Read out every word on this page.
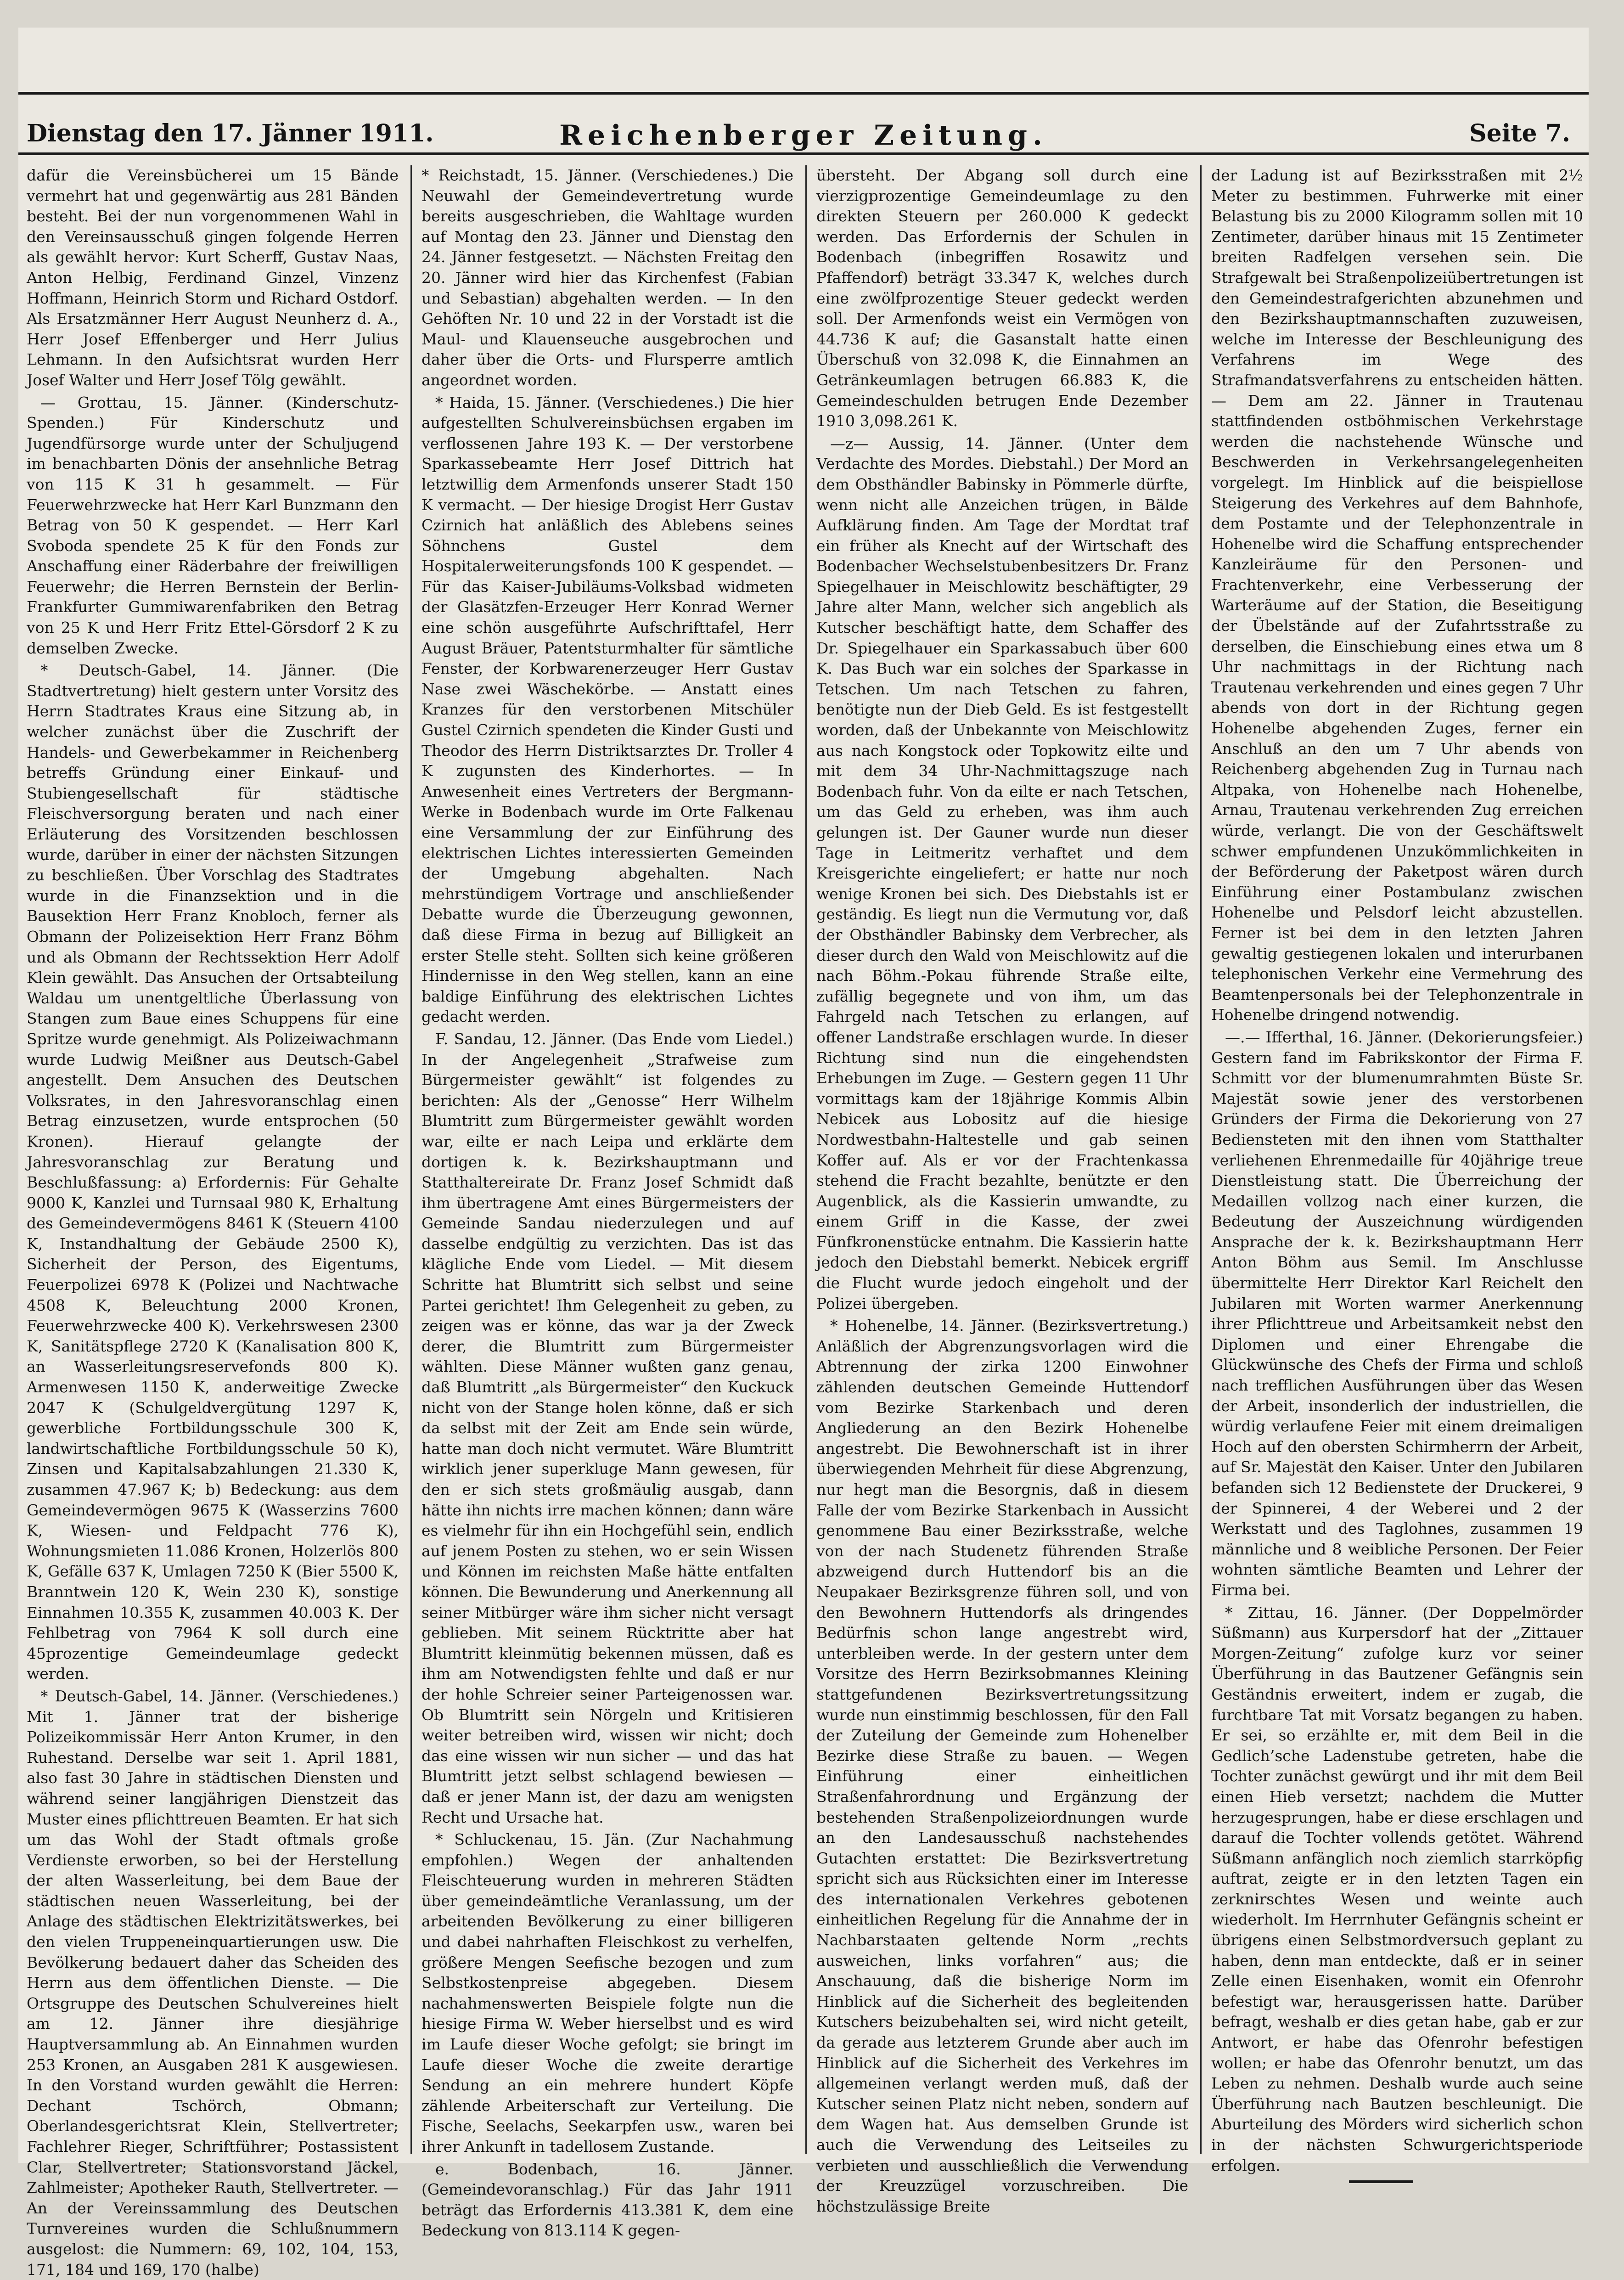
Dienstag den 17. Jänner 1911.	Reichenberger Zeitung.	Seite 7.

dafür die Vereinsbücherei um 15 Bände vermehrt hat und gegenwärtig aus 281 Bänden besteht. Bei der nun vorgenommenen Wahl in den Vereinsausschuß gingen folgende Herren als gewählt hervor: Kurt Scherff, Gustav Naas, Anton Helbig, Ferdinand Ginzel, Vinzenz Hoffmann, Heinrich Storm und Richard Ostdorf. Als Ersatzmänner Herr August Neunherz d. A., Herr Josef Effenberger und Herr Julius Lehmann. In den Aufsichtsrat wurden Herr Josef Walter und Herr Josef Tölg gewählt.

— Grottau, 15. Jänner. (Kinderschutz-Spenden.) Für Kinderschutz und Jugendfürsorge wurde unter der Schuljugend im benachbarten Dönis der ansehnliche Betrag von 115 K 31 h gesammelt. — Für Feuerwehrzwecke hat Herr Karl Bunzmann den Betrag von 50 K gespendet. — Herr Karl Svoboda spendete 25 K für den Fonds zur Anschaffung einer Räderbahre der freiwilligen Feuerwehr; die Herren Bernstein der Berlin-Frankfurter Gummiwarenfabriken den Betrag von 25 K und Herr Fritz Ettel-Görsdorf 2 K zu demselben Zwecke.

* Deutsch-Gabel, 14. Jänner. (Die Stadtvertretung) hielt gestern unter Vorsitz des Herrn Stadtrates Kraus eine Sitzung ab, in welcher zunächst über die Zuschrift der Handels- und Gewerbekammer in Reichenberg betreffs Gründung einer Einkauf- und Stubiengesellschaft für städtische Fleischversorgung beraten und nach einer Erläuterung des Vorsitzenden beschlossen wurde, darüber in einer der nächsten Sitzungen zu beschließen. Über Vorschlag des Stadtrates wurde in die Finanzsektion und in die Bausektion Herr Franz Knobloch, ferner als Obmann der Polizeisektion Herr Franz Böhm und als Obmann der Rechtssektion Herr Adolf Klein gewählt. Das Ansuchen der Ortsabteilung Waldau um unentgeltliche Überlassung von Stangen zum Baue eines Schuppens für eine Spritze wurde genehmigt. Als Polizeiwachmann wurde Ludwig Meißner aus Deutsch-Gabel angestellt. Dem Ansuchen des Deutschen Volksrates, in den Jahresvoranschlag einen Betrag einzusetzen, wurde entsprochen (50 Kronen). Hierauf gelangte der Jahresvoranschlag zur Beratung und Beschlußfassung: a) Erfordernis: Für Gehalte 9000 K, Kanzlei und Turnsaal 980 K, Erhaltung des Gemeindevermögens 8461 K (Steuern 4100 K, Instandhaltung der Gebäude 2500 K), Sicherheit der Person, des Eigentums, Feuerpolizei 6978 K (Polizei und Nachtwache 4508 K, Beleuchtung 2000 Kronen, Feuerwehrzwecke 400 K). Verkehrswesen 2300 K, Sanitätspflege 2720 K (Kanalisation 800 K, an Wasserleitungsreservefonds 800 K). Armenwesen 1150 K, anderweitige Zwecke 2047 K (Schulgeldvergütung 1297 K, gewerbliche Fortbildungsschule 300 K, landwirtschaftliche Fortbildungsschule 50 K), Zinsen und Kapitalsabzahlungen 21.330 K, zusammen 47.967 K; b) Bedeckung: aus dem Gemeindevermögen 9675 K (Wasserzins 7600 K, Wiesen- und Feldpacht 776 K), Wohnungsmieten 11.086 Kronen, Holzerlös 800 K, Gefälle 637 K, Umlagen 7250 K (Bier 5500 K, Branntwein 120 K, Wein 230 K), sonstige Einnahmen 10.355 K, zusammen 40.003 K. Der Fehlbetrag von 7964 K soll durch eine 45prozentige Gemeindeumlage gedeckt werden.

* Deutsch-Gabel, 14. Jänner. (Verschiedenes.) Mit 1. Jänner trat der bisherige Polizeikommissär Herr Anton Krumer, in den Ruhestand. Derselbe war seit 1. April 1881, also fast 30 Jahre in städtischen Diensten und während seiner langjährigen Dienstzeit das Muster eines pflichttreuen Beamten. Er hat sich um das Wohl der Stadt oftmals große Verdienste erworben, so bei der Herstellung der alten Wasserleitung, bei dem Baue der städtischen neuen Wasserleitung, bei der Anlage des städtischen Elektrizitätswerkes, bei den vielen Truppeneinquartierungen usw. Die Bevölkerung bedauert daher das Scheiden des Herrn aus dem öffentlichen Dienste. — Die Ortsgruppe des Deutschen Schulvereines hielt am 12. Jänner ihre diesjährige Hauptversammlung ab. An Einnahmen wurden 253 Kronen, an Ausgaben 281 K ausgewiesen. In den Vorstand wurden gewählt die Herren: Dechant Tschörch, Obmann; Oberlandesgerichtsrat Klein, Stellvertreter; Fachlehrer Rieger, Schriftführer; Postassistent Clar, Stellvertreter; Stationsvorstand Jäckel, Zahlmeister; Apotheker Rauth, Stellvertreter. — An der Vereinssammlung des Deutschen Turnvereines wurden die Schlußnummern ausgelost: die Nummern: 69, 102, 104, 153, 171, 184 und 169, 170 (halbe)

* Reichstadt, 15. Jänner. (Verschiedenes.) Die Neuwahl der Gemeindevertretung wurde bereits ausgeschrieben, die Wahltage wurden auf Montag den 23. Jänner und Dienstag den 24. Jänner festgesetzt. — Nächsten Freitag den 20. Jänner wird hier das Kirchenfest (Fabian und Sebastian) abgehalten werden. — In den Gehöften Nr. 10 und 22 in der Vorstadt ist die Maul- und Klauenseuche ausgebrochen und daher über die Orts- und Flursperre amtlich angeordnet worden.

* Haida, 15. Jänner. (Verschiedenes.) Die hier aufgestellten Schulvereinsbüchsen ergaben im verflossenen Jahre 193 K. — Der verstorbene Sparkassebeamte Herr Josef Dittrich hat letztwillig dem Armenfonds unserer Stadt 150 K vermacht. — Der hiesige Drogist Herr Gustav Czirnich hat anläßlich des Ablebens seines Söhnchens Gustel dem Hospitalerweiterungsfonds 100 K gespendet. — Für das Kaiser-Jubiläums-Volksbad widmeten der Glasätzfen-Erzeuger Herr Konrad Werner eine schön ausgeführte Aufschrifttafel, Herr August Bräuer, Patentsturmhalter für sämtliche Fenster, der Korbwarenerzeuger Herr Gustav Nase zwei Wäschekörbe. — Anstatt eines Kranzes für den verstorbenen Mitschüler Gustel Czirnich spendeten die Kinder Gusti und Theodor des Herrn Distriktsarztes Dr. Troller 4 K zugunsten des Kinderhortes. — In Anwesenheit eines Vertreters der Bergmann-Werke in Bodenbach wurde im Orte Falkenau eine Versammlung der zur Einführung des elektrischen Lichtes interessierten Gemeinden der Umgebung abgehalten. Nach mehrstündigem Vortrage und anschließender Debatte wurde die Überzeugung gewonnen, daß diese Firma in bezug auf Billigkeit an erster Stelle steht. Sollten sich keine größeren Hindernisse in den Weg stellen, kann an eine baldige Einführung des elektrischen Lichtes gedacht werden.

F. Sandau, 12. Jänner. (Das Ende vom Liedel.) In der Angelegenheit „Strafweise zum Bürgermeister gewählt“ ist folgendes zu berichten: Als der „Genosse“ Herr Wilhelm Blumtritt zum Bürgermeister gewählt worden war, eilte er nach Leipa und erklärte dem dortigen k. k. Bezirkshauptmann und Statthaltereirate Dr. Franz Josef Schmidt daß ihm übertragene Amt eines Bürgermeisters der Gemeinde Sandau niederzulegen und auf dasselbe endgültig zu verzichten. Das ist das klägliche Ende vom Liedel. — Mit diesem Schritte hat Blumtritt sich selbst und seine Partei gerichtet! Ihm Gelegenheit zu geben, zu zeigen was er könne, das war ja der Zweck derer, die Blumtritt zum Bürgermeister wählten. Diese Männer wußten ganz genau, daß Blumtritt „als Bürgermeister“ den Kuckuck nicht von der Stange holen könne, daß er sich da selbst mit der Zeit am Ende sein würde, hatte man doch nicht vermutet. Wäre Blumtritt wirklich jener superkluge Mann gewesen, für den er sich stets großmäulig ausgab, dann hätte ihn nichts irre machen können; dann wäre es vielmehr für ihn ein Hochgefühl sein, endlich auf jenem Posten zu stehen, wo er sein Wissen und Können im reichsten Maße hätte entfalten können. Die Bewunderung und Anerkennung all seiner Mitbürger wäre ihm sicher nicht versagt geblieben. Mit seinem Rücktritte aber hat Blumtritt kleinmütig bekennen müssen, daß es ihm am Notwendigsten fehlte und daß er nur der hohle Schreier seiner Parteigenossen war. Ob Blumtritt sein Nörgeln und Kritisieren weiter betreiben wird, wissen wir nicht; doch das eine wissen wir nun sicher — und das hat Blumtritt jetzt selbst schlagend bewiesen — daß er jener Mann ist, der dazu am wenigsten Recht und Ursache hat.

* Schluckenau, 15. Jän. (Zur Nachahmung empfohlen.) Wegen der anhaltenden Fleischteuerung wurden in mehreren Städten über gemeindeämtliche Veranlassung, um der arbeitenden Bevölkerung zu einer billigeren und dabei nahrhaften Fleischkost zu verhelfen, größere Mengen Seefische bezogen und zum Selbstkostenpreise abgegeben. Diesem nachahmenswerten Beispiele folgte nun die hiesige Firma W. Weber hierselbst und es wird im Laufe dieser Woche gefolgt; sie bringt im Laufe dieser Woche die zweite derartige Sendung an ein mehrere hundert Köpfe zählende Arbeiterschaft zur Verteilung. Die Fische, Seelachs, Seekarpfen usw., waren bei ihrer Ankunft in tadellosem Zustande.

e. Bodenbach, 16. Jänner. (Gemeindevoranschlag.) Für das Jahr 1911 beträgt das Erfordernis 413.381 K, dem eine Bedeckung von 813.114 K gegen-

übersteht. Der Abgang soll durch eine vierzigprozentige Gemeindeumlage zu den direkten Steuern per 260.000 K gedeckt werden. Das Erfordernis der Schulen in Bodenbach (inbegriffen Rosawitz und Pfaffendorf) beträgt 33.347 K, welches durch eine zwölfprozentige Steuer gedeckt werden soll. Der Armenfonds weist ein Vermögen von 44.736 K auf; die Gasanstalt hatte einen Überschuß von 32.098 K, die Einnahmen an Getränkeumlagen betrugen 66.883 K, die Gemeindeschulden betrugen Ende Dezember 1910 3,098.261 K.

—z— Aussig, 14. Jänner. (Unter dem Verdachte des Mordes. Diebstahl.) Der Mord an dem Obsthändler Babinsky in Pömmerle dürfte, wenn nicht alle Anzeichen trügen, in Bälde Aufklärung finden. Am Tage der Mordtat traf ein früher als Knecht auf der Wirtschaft des Bodenbacher Wechselstubenbesitzers Dr. Franz Spiegelhauer in Meischlowitz beschäftigter, 29 Jahre alter Mann, welcher sich angeblich als Kutscher beschäftigt hatte, dem Schaffer des Dr. Spiegelhauer ein Sparkassabuch über 600 K. Das Buch war ein solches der Sparkasse in Tetschen. Um nach Tetschen zu fahren, benötigte nun der Dieb Geld. Es ist festgestellt worden, daß der Unbekannte von Meischlowitz aus nach Kongstock oder Topkowitz eilte und mit dem 34 Uhr-Nachmittagszuge nach Bodenbach fuhr. Von da eilte er nach Tetschen, um das Geld zu erheben, was ihm auch gelungen ist. Der Gauner wurde nun dieser Tage in Leitmeritz verhaftet und dem Kreisgerichte eingeliefert; er hatte nur noch wenige Kronen bei sich. Des Diebstahls ist er geständig. Es liegt nun die Vermutung vor, daß der Obsthändler Babinsky dem Verbrecher, als dieser durch den Wald von Meischlowitz auf die nach Böhm.-Pokau führende Straße eilte, zufällig begegnete und von ihm, um das Fahrgeld nach Tetschen zu erlangen, auf offener Landstraße erschlagen wurde. In dieser Richtung sind nun die eingehendsten Erhebungen im Zuge. — Gestern gegen 11 Uhr vormittags kam der 18jährige Kommis Albin Nebicek aus Lobositz auf die hiesige Nordwestbahn-Haltestelle und gab seinen Koffer auf. Als er vor der Frachtenkassa stehend die Fracht bezahlte, benützte er den Augenblick, als die Kassierin umwandte, zu einem Griff in die Kasse, der zwei Fünfkronenstücke entnahm. Die Kassierin hatte jedoch den Diebstahl bemerkt. Nebicek ergriff die Flucht wurde jedoch eingeholt und der Polizei übergeben.

* Hohenelbe, 14. Jänner. (Bezirksvertretung.) Anläßlich der Abgrenzungsvorlagen wird die Abtrennung der zirka 1200 Einwohner zählenden deutschen Gemeinde Huttendorf vom Bezirke Starkenbach und deren Angliederung an den Bezirk Hohenelbe angestrebt. Die Bewohnerschaft ist in ihrer überwiegenden Mehrheit für diese Abgrenzung, nur hegt man die Besorgnis, daß in diesem Falle der vom Bezirke Starkenbach in Aussicht genommene Bau einer Bezirksstraße, welche von der nach Studenetz führenden Straße abzweigend durch Huttendorf bis an die Neupakaer Bezirksgrenze führen soll, und von den Bewohnern Huttendorfs als dringendes Bedürfnis schon lange angestrebt wird, unterbleiben werde. In der gestern unter dem Vorsitze des Herrn Bezirksobmannes Kleining stattgefundenen Bezirksvertretungssitzung wurde nun einstimmig beschlossen, für den Fall der Zuteilung der Gemeinde zum Hohenelber Bezirke diese Straße zu bauen. — Wegen Einführung einer einheitlichen Straßenfahrordnung und Ergänzung der bestehenden Straßenpolizeiordnungen wurde an den Landesausschuß nachstehendes Gutachten erstattet: Die Bezirksvertretung spricht sich aus Rücksichten einer im Interesse des internationalen Verkehres gebotenen einheitlichen Regelung für die Annahme der in Nachbarstaaten geltende Norm „rechts ausweichen, links vorfahren“ aus; die Anschauung, daß die bisherige Norm im Hinblick auf die Sicherheit des begleitenden Kutschers beizubehalten sei, wird nicht geteilt, da gerade aus letzterem Grunde aber auch im Hinblick auf die Sicherheit des Verkehres im allgemeinen verlangt werden muß, daß der Kutscher seinen Platz nicht neben, sondern auf dem Wagen hat. Aus demselben Grunde ist auch die Verwendung des Leitseiles zu verbieten und ausschließlich die Verwendung der Kreuzzügel vorzuschreiben. Die höchstzulässige Breite

der Ladung ist auf Bezirksstraßen mit 2½ Meter zu bestimmen. Fuhrwerke mit einer Belastung bis zu 2000 Kilogramm sollen mit 10 Zentimeter, darüber hinaus mit 15 Zentimeter breiten Radfelgen versehen sein. Die Strafgewalt bei Straßenpolizeiübertretungen ist den Gemeindestrafgerichten abzunehmen und den Bezirkshauptmannschaften zuzuweisen, welche im Interesse der Beschleunigung des Verfahrens im Wege des Strafmandatsverfahrens zu entscheiden hätten. — Dem am 22. Jänner in Trautenau stattfindenden ostböhmischen Verkehrstage werden die nachstehende Wünsche und Beschwerden in Verkehrsangelegenheiten vorgelegt. Im Hinblick auf die beispiellose Steigerung des Verkehres auf dem Bahnhofe, dem Postamte und der Telephonzentrale in Hohenelbe wird die Schaffung entsprechender Kanzleiräume für den Personen- und Frachtenverkehr, eine Verbesserung der Warteräume auf der Station, die Beseitigung der Übelstände auf der Zufahrtsstraße zu derselben, die Einschiebung eines etwa um 8 Uhr nachmittags in der Richtung nach Trautenau verkehrenden und eines gegen 7 Uhr abends von dort in der Richtung gegen Hohenelbe abgehenden Zuges, ferner ein Anschluß an den um 7 Uhr abends von Reichenberg abgehenden Zug in Turnau nach Altpaka, von Hohenelbe nach Hohenelbe, Arnau, Trautenau verkehrenden Zug erreichen würde, verlangt. Die von der Geschäftswelt schwer empfundenen Unzukömmlichkeiten in der Beförderung der Paketpost wären durch Einführung einer Postambulanz zwischen Hohenelbe und Pelsdorf leicht abzustellen. Ferner ist bei dem in den letzten Jahren gewaltig gestiegenen lokalen und interurbanen telephonischen Verkehr eine Vermehrung des Beamtenpersonals bei der Telephonzentrale in Hohenelbe dringend notwendig.

—.— Ifferthal, 16. Jänner. (Dekorierungsfeier.) Gestern fand im Fabrikskontor der Firma F. Schmitt vor der blumenumrahmten Büste Sr. Majestät sowie jener des verstorbenen Gründers der Firma die Dekorierung von 27 Bediensteten mit den ihnen vom Statthalter verliehenen Ehrenmedaille für 40jährige treue Dienstleistung statt. Die Überreichung der Medaillen vollzog nach einer kurzen, die Bedeutung der Auszeichnung würdigenden Ansprache der k. k. Bezirkshauptmann Herr Anton Böhm aus Semil. Im Anschlusse übermittelte Herr Direktor Karl Reichelt den Jubilaren mit Worten warmer Anerkennung ihrer Pflichttreue und Arbeitsamkeit nebst den Diplomen und einer Ehrengabe die Glückwünsche des Chefs der Firma und schloß nach trefflichen Ausführungen über das Wesen der Arbeit, insonderlich der industriellen, die würdig verlaufene Feier mit einem dreimaligen Hoch auf den obersten Schirmherrn der Arbeit, auf Sr. Majestät den Kaiser. Unter den Jubilaren befanden sich 12 Bedienstete der Druckerei, 9 der Spinnerei, 4 der Weberei und 2 der Werkstatt und des Taglohnes, zusammen 19 männliche und 8 weibliche Personen. Der Feier wohnten sämtliche Beamten und Lehrer der Firma bei.

* Zittau, 16. Jänner. (Der Doppelmörder Süßmann) aus Kurpersdorf hat der „Zittauer Morgen-Zeitung“ zufolge kurz vor seiner Überführung in das Bautzener Gefängnis sein Geständnis erweitert, indem er zugab, die furchtbare Tat mit Vorsatz begangen zu haben. Er sei, so erzählte er, mit dem Beil in die Gedlich’sche Ladenstube getreten, habe die Tochter zunächst gewürgt und ihr mit dem Beil einen Hieb versetzt; nachdem die Mutter herzugesprungen, habe er diese erschlagen und darauf die Tochter vollends getötet. Während Süßmann anfänglich noch ziemlich starrköpfig auftrat, zeigte er in den letzten Tagen ein zerknirschtes Wesen und weinte auch wiederholt. Im Herrnhuter Gefängnis scheint er übrigens einen Selbstmordversuch geplant zu haben, denn man entdeckte, daß er in seiner Zelle einen Eisenhaken, womit ein Ofenrohr befestigt war, herausgerissen hatte. Darüber befragt, weshalb er dies getan habe, gab er zur Antwort, er habe das Ofenrohr befestigen wollen; er habe das Ofenrohr benutzt, um das Leben zu nehmen. Deshalb wurde auch seine Überführung nach Bautzen beschleunigt. Die Aburteilung des Mörders wird sicherlich schon in der nächsten Schwurgerichtsperiode erfolgen.
